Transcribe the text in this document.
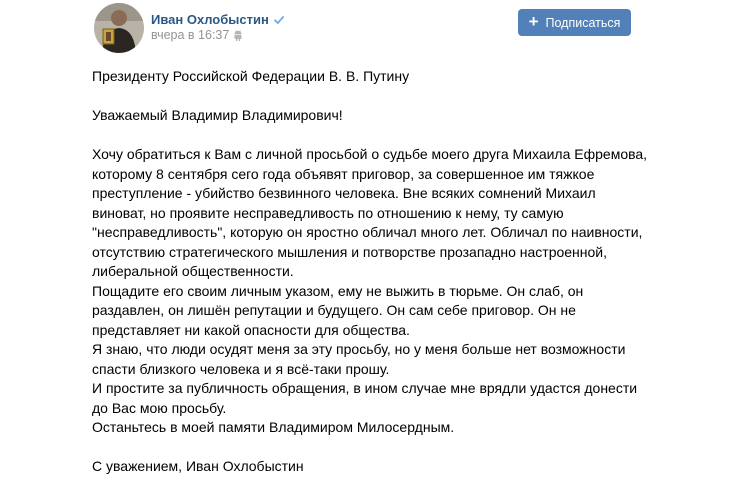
Иван Охлобыстин
вчера в 16:37
+ Подписаться

Президенту Российской Федерации В. В. Путину

Уважаемый Владимир Владимирович!

Хочу обратиться к Вам с личной просьбой о судьбе моего друга Михаила Ефремова,

которому 8 сентября сего года объявят приговор, за совершенное им тяжкое

преступление - убийство безвинного человека. Вне всяких сомнений Михаил

виноват, но проявите несправедливость по отношению к нему, ту самую

"несправедливость", которую он яростно обличал много лет. Обличал по наивности,

отсутствию стратегического мышления и потворстве прозападно настроенной,

либеральной общественности.

Пощадите его своим личным указом, ему не выжить в тюрьме. Он слаб, он

раздавлен, он лишён репутации и будущего. Он сам себе приговор. Он не

представляет ни какой опасности для общества.

Я знаю, что люди осудят меня за эту просьбу, но у меня больше нет возможности

спасти близкого человека и я всё-таки прошу.

И простите за публичность обращения, в ином случае мне врядли удастся донести

до Вас мою просьбу.

Останьтесь в моей памяти Владимиром Милосердным.

С уважением, Иван Охлобыстин
